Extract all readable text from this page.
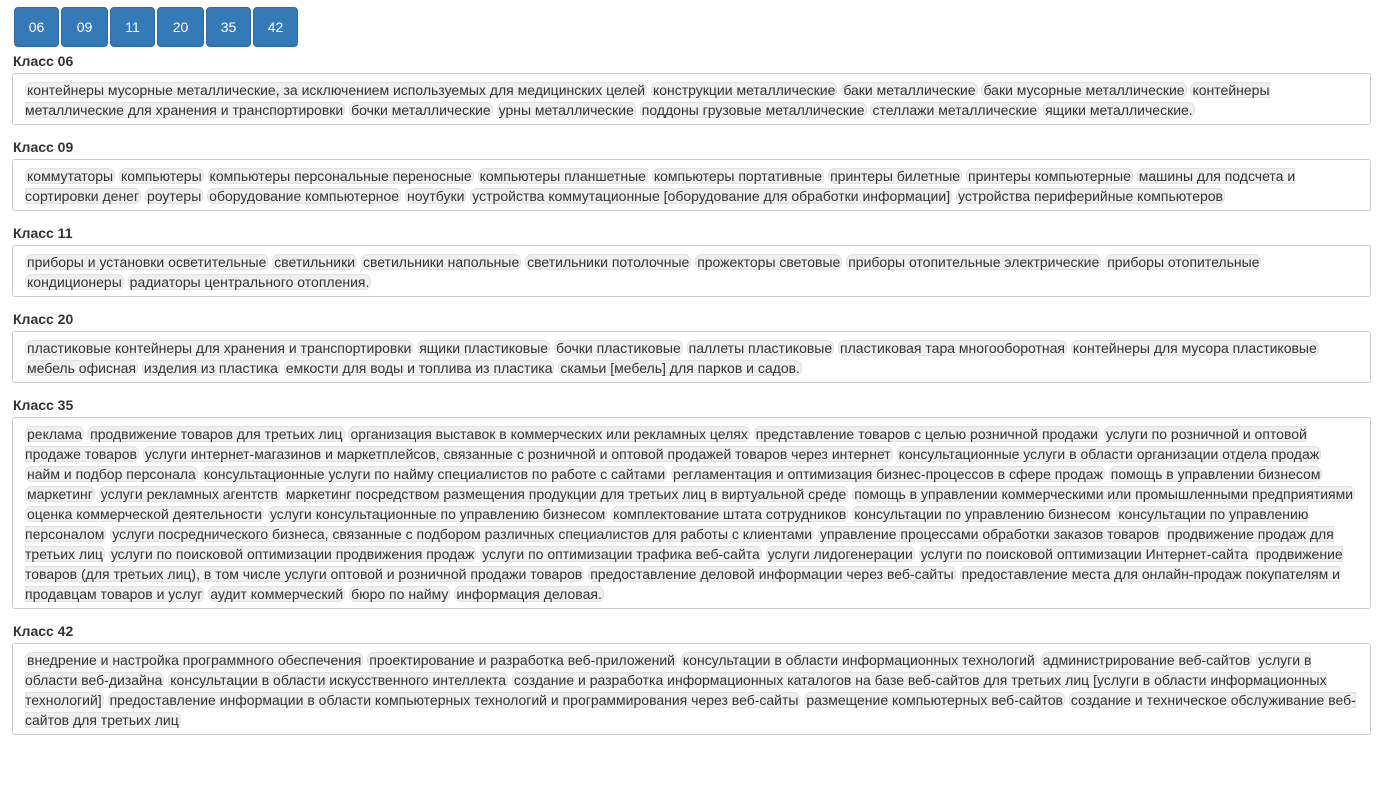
06	09	11	20	35	42
Класс 06
контейнеры мусорные металлические, за исключением используемых для медицинских целей конструкции металлические баки металлические баки мусорные металлические контейнеры металлические для хранения и транспортировки бочки металлические урны металлические поддоны грузовые металлические стеллажи металлические ящики металлические.
Класс 09
коммутаторы компьютеры компьютеры персональные переносные компьютеры планшетные компьютеры портативные принтеры билетные принтеры компьютерные машины для подсчета и сортировки денег роутеры оборудование компьютерное ноутбуки устройства коммутационные [оборудование для обработки информации] устройства периферийные компьютеров
Класс 11
приборы и установки осветительные светильники светильники напольные светильники потолочные прожекторы световые приборы отопительные электрические приборы отопительные кондиционеры радиаторы центрального отопления.
Класс 20
пластиковые контейнеры для хранения и транспортировки ящики пластиковые бочки пластиковые паллеты пластиковые пластиковая тара многооборотная контейнеры для мусора пластиковые мебель офисная изделия из пластика емкости для воды и топлива из пластика скамьи [мебель] для парков и садов.
Класс 35
реклама продвижение товаров для третьих лиц организация выставок в коммерческих или рекламных целях представление товаров с целью розничной продажи услуги по розничной и оптовой продаже товаров услуги интернет-магазинов и маркетплейсов, связанные с розничной и оптовой продажей товаров через интернет консультационные услуги в области организации отдела продаж найм и подбор персонала консультационные услуги по найму специалистов по работе с сайтами регламентация и оптимизация бизнес-процессов в сфере продаж помощь в управлении бизнесом маркетинг услуги рекламных агентств маркетинг посредством размещения продукции для третьих лиц в виртуальной среде помощь в управлении коммерческими или промышленными предприятиями оценка коммерческой деятельности услуги консультационные по управлению бизнесом комплектование штата сотрудников консультации по управлению бизнесом консультации по управлению персоналом услуги посреднического бизнеса, связанные с подбором различных специалистов для работы с клиентами управление процессами обработки заказов товаров продвижение продаж для третьих лиц услуги по поисковой оптимизации продвижения продаж услуги по оптимизации трафика веб-сайта услуги лидогенерации услуги по поисковой оптимизации Интернет-сайта продвижение товаров (для третьих лиц), в том числе услуги оптовой и розничной продажи товаров предоставление деловой информации через веб-сайты предоставление места для онлайн-продаж покупателям и продавцам товаров и услуг аудит коммерческий бюро по найму информация деловая.
Класс 42
внедрение и настройка программного обеспечения проектирование и разработка веб-приложений консультации в области информационных технологий администрирование веб-сайтов услуги в области веб-дизайна консультации в области искусственного интеллекта создание и разработка информационных каталогов на базе веб-сайтов для третьих лиц [услуги в области информационных технологий] предоставление информации в области компьютерных технологий и программирования через веб-сайты размещение компьютерных веб-сайтов создание и техническое обслуживание веб-сайтов для третьих лиц
